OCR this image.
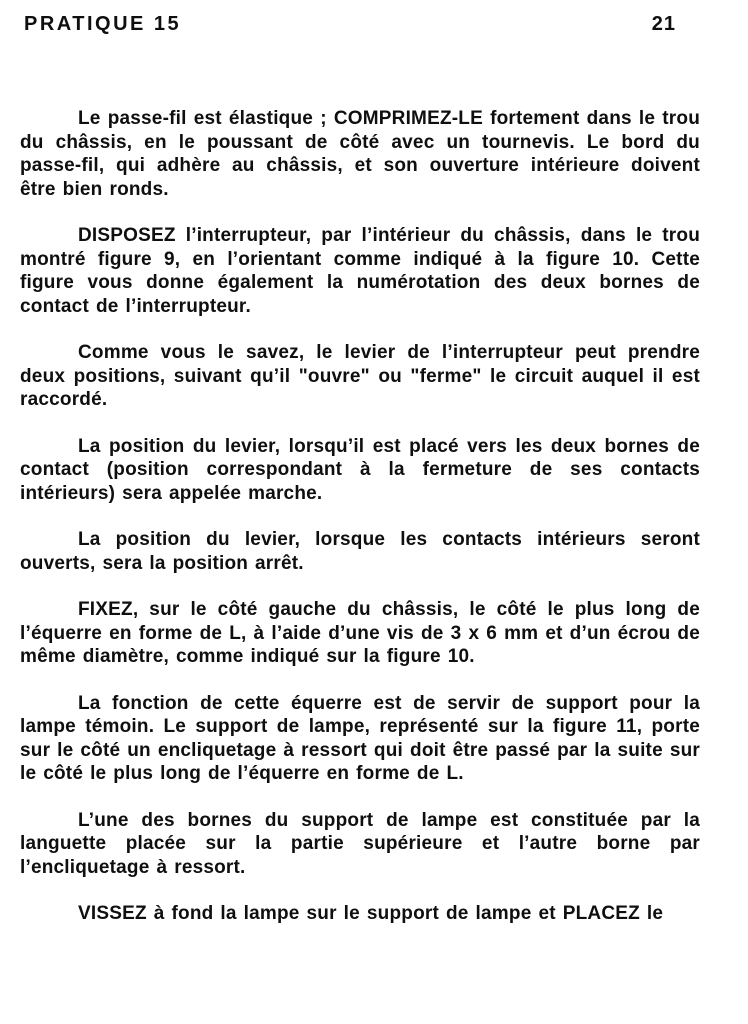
PRATIQUE 15	21

Le passe-fil est élastique ; COMPRIMEZ-LE fortement dans le trou du châssis, en le poussant de côté avec un tournevis. Le bord du passe-fil, qui adhère au châssis, et son ouverture intérieure doivent être bien ronds.

DISPOSEZ l’interrupteur, par l’intérieur du châssis, dans le trou montré figure 9, en l’orientant comme indiqué à la figure 10. Cette figure vous donne également la numérotation des deux bornes de contact de l’interrupteur.

Comme vous le savez, le levier de l’interrupteur peut prendre deux positions, suivant qu’il "ouvre" ou "ferme" le circuit auquel il est raccordé.

La position du levier, lorsqu’il est placé vers les deux bornes de contact (position correspondant à la fermeture de ses contacts intérieurs) sera appelée marche.

La position du levier, lorsque les contacts intérieurs seront ouverts, sera la position arrêt.

FIXEZ, sur le côté gauche du châssis, le côté le plus long de l’équerre en forme de L, à l’aide d’une vis de 3 x 6 mm et d’un écrou de même diamètre, comme indiqué sur la figure 10.

La fonction de cette équerre est de servir de support pour la lampe témoin. Le support de lampe, représenté sur la figure 11, porte sur le côté un encliquetage à ressort qui doit être passé par la suite sur le côté le plus long de l’équerre en forme de L.

L’une des bornes du support de lampe est constituée par la languette placée sur la partie supérieure et l’autre borne par l’encliquetage à ressort.

VISSEZ à fond la lampe sur le support de lampe et PLACEZ le
